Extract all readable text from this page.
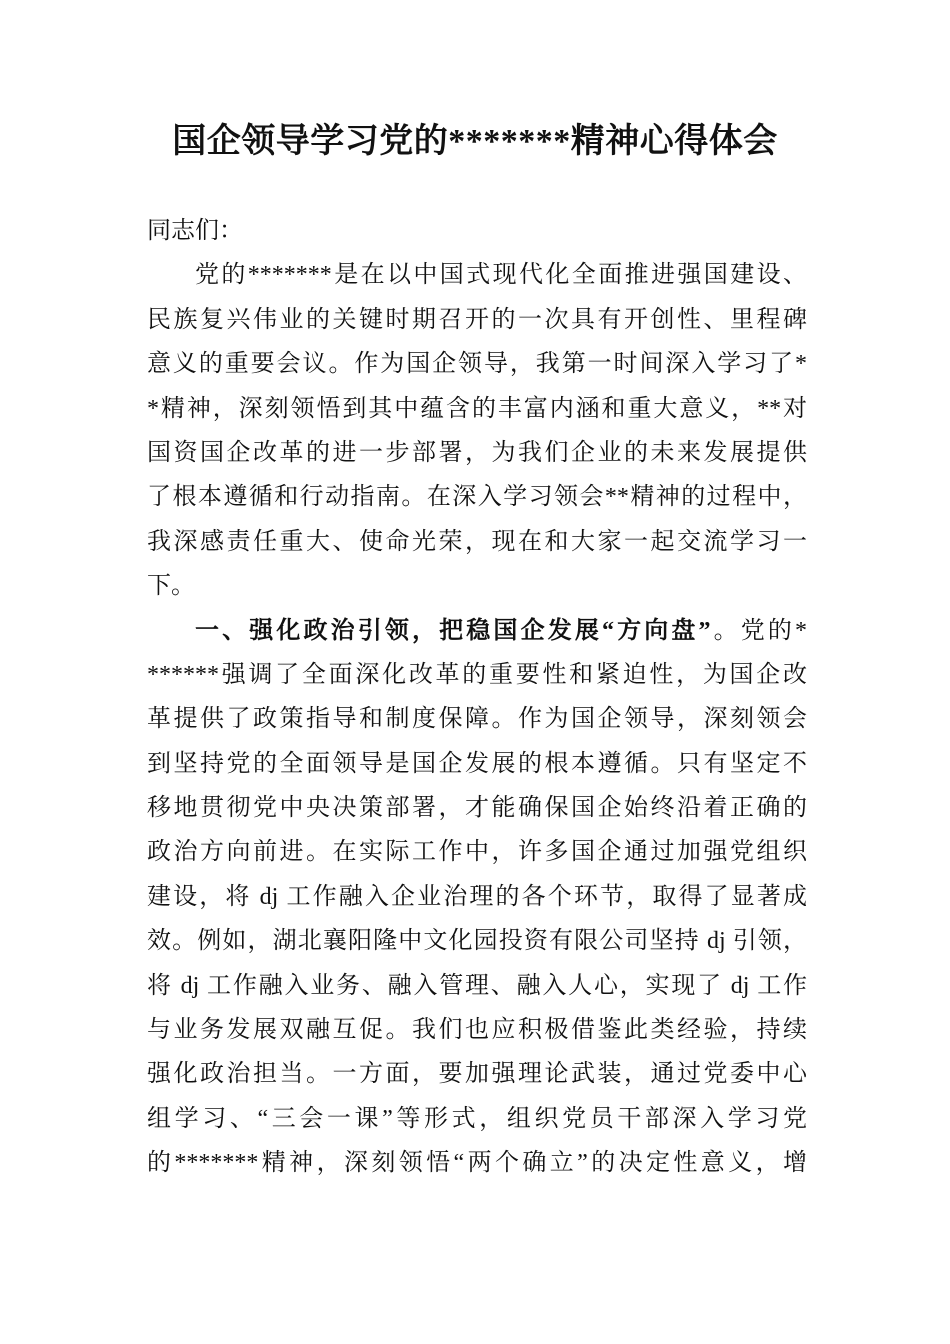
国企领导学习党的*******精神心得体会
同志们：
党的*******是在以中国式现代化全面推进强国建设、
民族复兴伟业的关键时期召开的一次具有开创性、里程碑
意义的重要会议。作为国企领导，我第一时间深入学习了*
*精神，深刻领悟到其中蕴含的丰富内涵和重大意义，**对
国资国企改革的进一步部署，为我们企业的未来发展提供
了根本遵循和行动指南。在深入学习领会**精神的过程中，
我深感责任重大、使命光荣，现在和大家一起交流学习一
下。
一、强化政治引领，把稳国企发展“方向盘”。党的*
******强调了全面深化改革的重要性和紧迫性，为国企改
革提供了政策指导和制度保障。作为国企领导，深刻领会
到坚持党的全面领导是国企发展的根本遵循。只有坚定不
移地贯彻党中央决策部署，才能确保国企始终沿着正确的
政治方向前进。在实际工作中，许多国企通过加强党组织
建设，将 dj 工作融入企业治理的各个环节，取得了显著成
效。例如，湖北襄阳隆中文化园投资有限公司坚持 dj 引领，
将 dj 工作融入业务、融入管理、融入人心，实现了 dj 工作
与业务发展双融互促。我们也应积极借鉴此类经验，持续
强化政治担当。一方面，要加强理论武装，通过党委中心
组学习、“三会一课”等形式，组织党员干部深入学习党
的*******精神，深刻领悟“两个确立”的决定性意义，增
